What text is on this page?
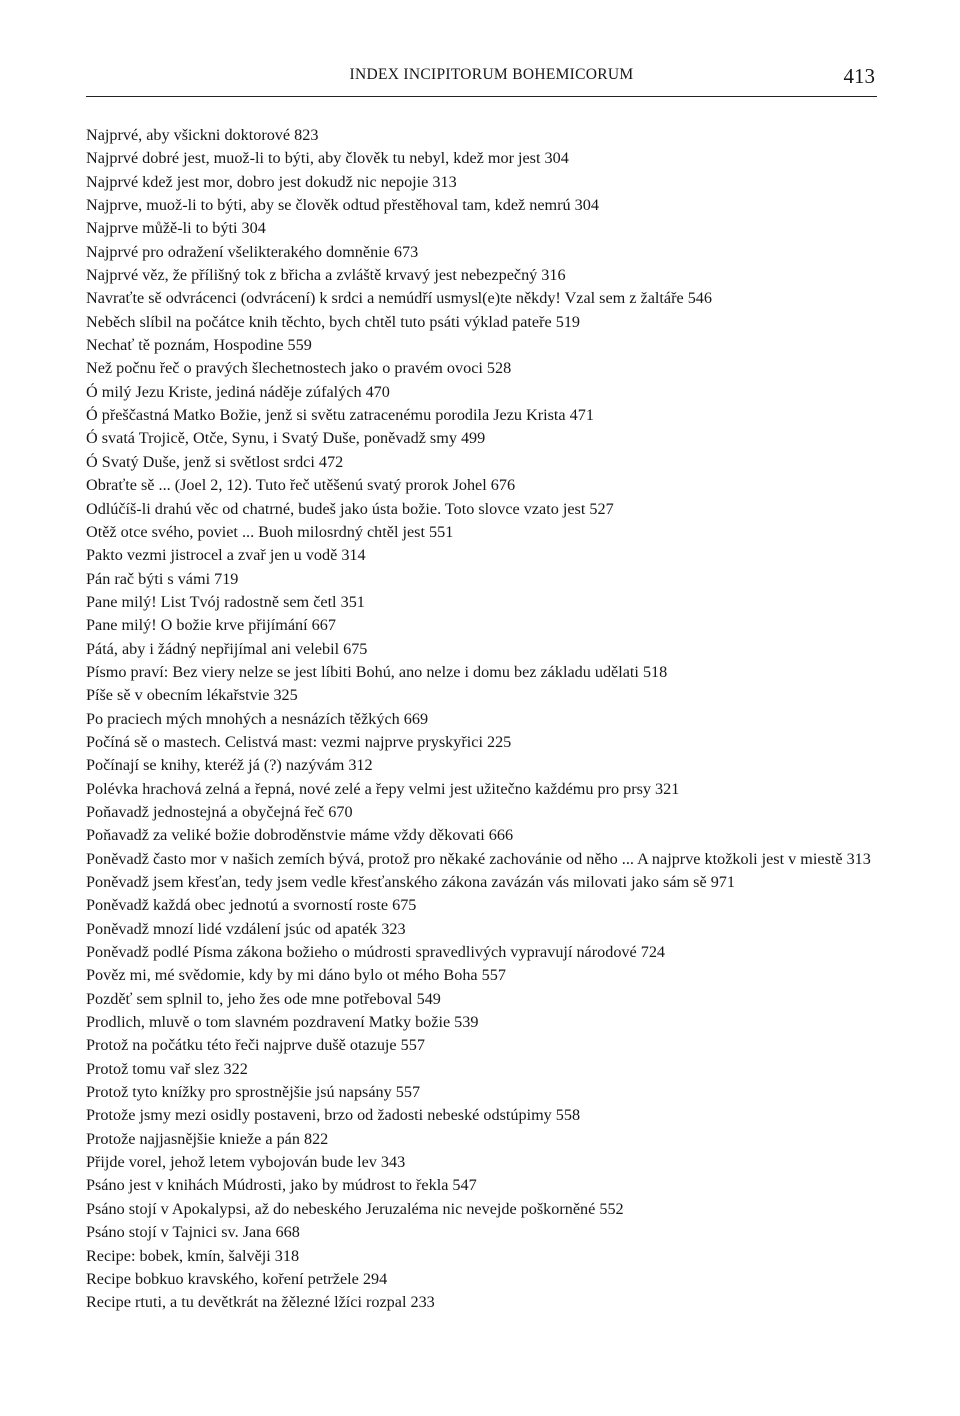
INDEX INCIPITORUM BOHEMICORUM	413
Najprvé, aby všickni doktorové 823
Najprvé dobré jest, muož-li to býti, aby člověk tu nebyl, kdež mor jest 304
Najprvé kdež jest mor, dobro jest dokudž nic nepojie 313
Najprve, muož-li to býti, aby se člověk odtud přestěhoval tam, kdež nemrú 304
Najprve můžě-li to býti 304
Najprvé pro odražení všelikterakého domněnie 673
Najprvé věz, že přílišný tok z břicha a zvláště krvavý jest nebezpečný 316
Navraťte sě odvrácenci (odvrácení) k srdci a nemúdří usmysl(e)te někdy! Vzal sem z žaltáře 546
Neběch slíbil na počátce knih těchto, bych chtěl tuto psáti výklad pateře 519
Nechať tě poznám, Hospodine 559
Než počnu řeč o pravých šlechetnostech jako o pravém ovoci 528
Ó milý Jezu Kriste, jediná náděje zúfalých 470
Ó přeščastná Matko Božie, jenž si světu zatracenému porodila Jezu Krista 471
Ó svatá Trojicě, Otče, Synu, i Svatý Duše, poněvadž smy 499
Ó Svatý Duše, jenž si světlost srdci 472
Obraťte sě ... (Joel 2, 12). Tuto řeč utěšenú svatý prorok Johel 676
Odlúčíš-li drahú věc od chatrné, budeš jako ústa božie. Toto slovce vzato jest 527
Otěž otce svého, poviet ... Buoh milosrdný chtěl jest 551
Pakto vezmi jistrocel a zvař jen u vodě 314
Pán rač býti s vámi 719
Pane milý! List Tvój radostně sem četl 351
Pane milý! O božie krve přijímání 667
Pátá, aby i žádný nepřijímal ani velebil 675
Písmo praví: Bez viery nelze se jest líbiti Bohú, ano nelze i domu bez základu udělati 518
Píše sě v obecním lékařstvie 325
Po praciech mých mnohých a nesnázích těžkých 669
Počíná sě o mastech. Celistvá mast: vezmi najprve pryskyřici 225
Počínají se knihy, kteréž já (?) nazývám 312
Polévka hrachová zelná a řepná, nové zelé a řepy velmi jest užitečno každému pro prsy 321
Poňavadž jednostejná a obyčejná řeč 670
Poňavadž za veliké božie dobroděnstvie máme vždy děkovati 666
Poněvadž často mor v našich zemích bývá, protož pro někaké zachovánie od něho ... A najprve ktožkoli jest v miestě 313
Poněvadž jsem křesťan, tedy jsem vedle křesťanského zákona zavázán vás milovati jako sám sě 971
Poněvadž každá obec jednotú a svorností roste 675
Poněvadž mnozí lidé vzdálení jsúc od apaték 323
Poněvadž podlé Písma zákona božieho o múdrosti spravedlivých vypravují národové 724
Pověz mi, mé svědomie, kdy by mi dáno bylo ot mého Boha 557
Pozděť sem splnil to, jeho žes ode mne potřeboval 549
Prodlich, mluvě o tom slavném pozdravení Matky božie 539
Protož na počátku této řeči najprve dušě otazuje 557
Protož tomu vař slez 322
Protož tyto knížky pro sprostnějšie jsú napsány 557
Protože jsmy mezi osidly postaveni, brzo od žadosti nebeské odstúpimy 558
Protože najjasnějšie knieže a pán 822
Přijde vorel, jehož letem vybojován bude lev 343
Psáno jest v knihách Múdrosti, jako by múdrost to řekla 547
Psáno stojí v Apokalypsi, až do nebeského Jeruzaléma nic nevejde poškorněné 552
Psáno stojí v Tajnici sv. Jana 668
Recipe: bobek, kmín, šalvěji 318
Recipe bobkuo kravského, koření petržele 294
Recipe rtuti, a tu devětkrát na žělezné lžíci rozpal 233
